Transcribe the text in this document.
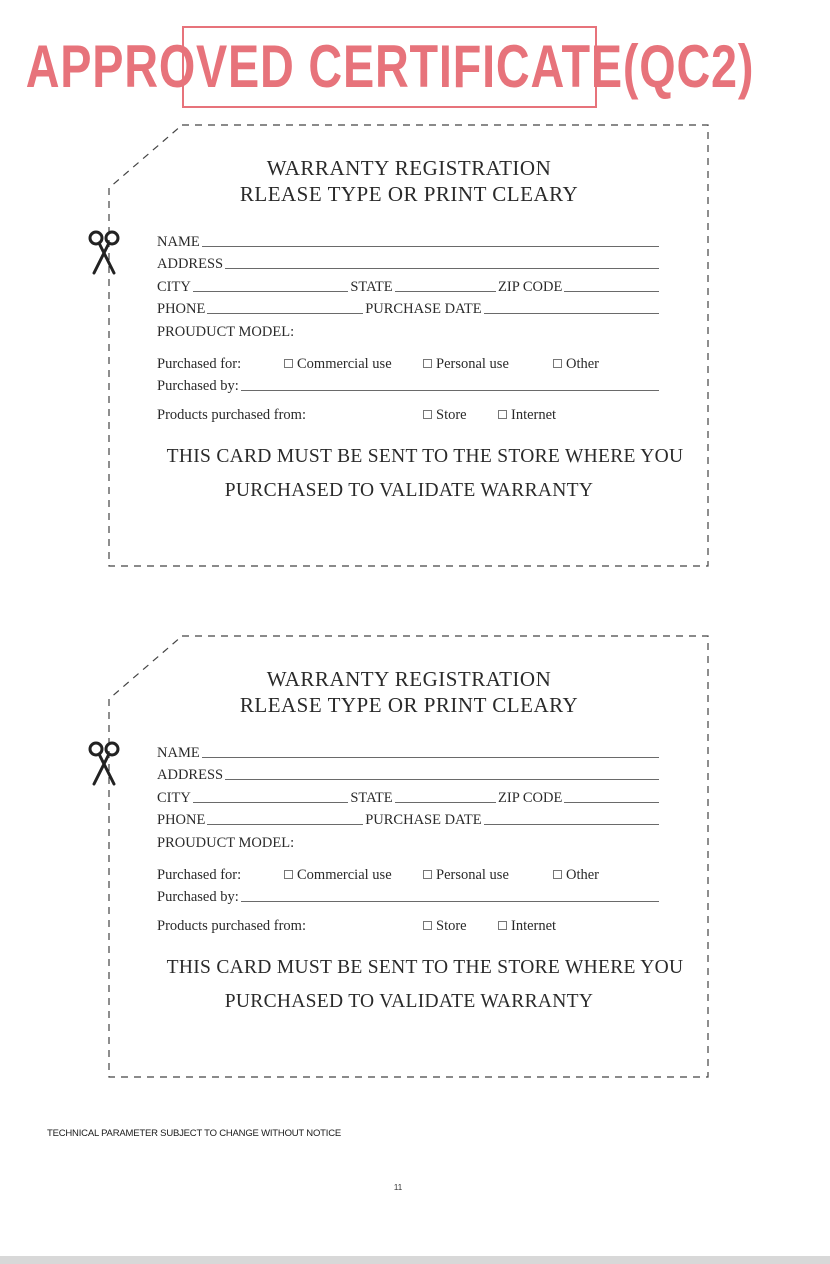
APPROVED CERTIFICATE(QC2)
WARRANTY REGISTRATION
RLEASE TYPE OR PRINT CLEARY
NAME
ADDRESS
CITY	STATE	ZIP CODE
PHONE	PURCHASE DATE
PROUDUCT MODEL:
Purchased for:	Commercial use	Personal use	Other
Purchased by:
Products purchased from:	Store	Internet
THIS CARD MUST BE SENT TO THE STORE WHERE YOU
PURCHASED TO VALIDATE WARRANTY
WARRANTY REGISTRATION
RLEASE TYPE OR PRINT CLEARY
NAME
ADDRESS
CITY	STATE	ZIP CODE
PHONE	PURCHASE DATE
PROUDUCT MODEL:
Purchased for:	Commercial use	Personal use	Other
Purchased by:
Products purchased from:	Store	Internet
THIS CARD MUST BE SENT TO THE STORE WHERE YOU
PURCHASED TO VALIDATE WARRANTY
TECHNICAL PARAMETER SUBJECT TO CHANGE WITHOUT NOTICE
11
